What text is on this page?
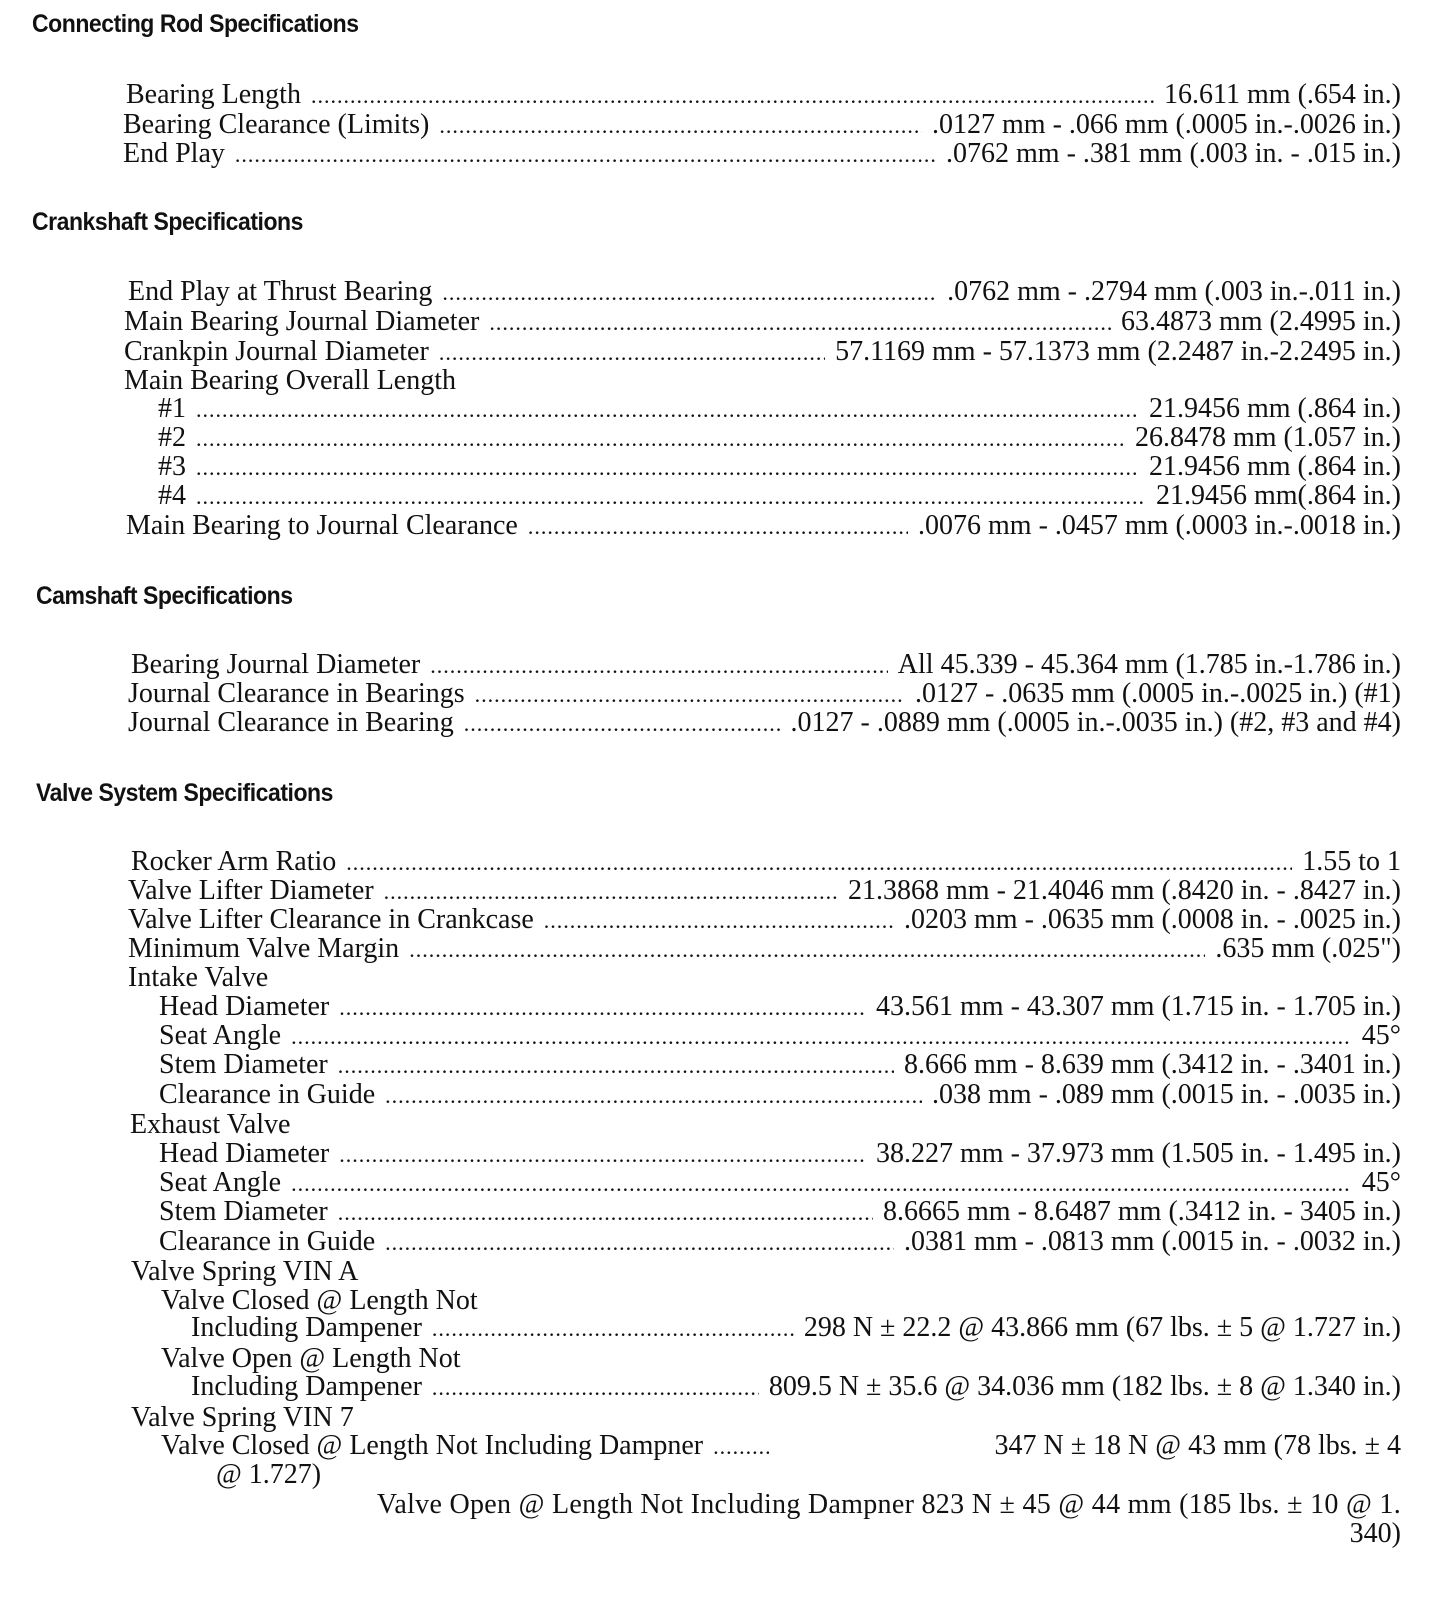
Connecting Rod Specifications
Bearing Length .....	16.611 mm (.654 in.)
Bearing Clearance (Limits) .....	.0127 mm - .066 mm (.0005 in.-.0026 in.)
End Play .....	.0762 mm - .381 mm (.003 in. - .015 in.)
Crankshaft Specifications
End Play at Thrust Bearing .....	.0762 mm - .2794 mm (.003 in.-.011 in.)
Main Bearing Journal Diameter .....	63.4873 mm (2.4995 in.)
Crankpin Journal Diameter .....	57.1169 mm - 57.1373 mm (2.2487 in.-2.2495 in.)
Main Bearing Overall Length
#1 .....	21.9456 mm (.864 in.)
#2 .....	26.8478 mm (1.057 in.)
#3 .....	21.9456 mm (.864 in.)
#4 .....	21.9456 mm(.864 in.)
Main Bearing to Journal Clearance .....	.0076 mm - .0457 mm (.0003 in.-.0018 in.)
Camshaft Specifications
Bearing Journal Diameter .....	All 45.339 - 45.364 mm (1.785 in.-1.786 in.)
Journal Clearance in Bearings .....	.0127 - .0635 mm (.0005 in.-.0025 in.) (#1)
Journal Clearance in Bearing .....	.0127 - .0889 mm (.0005 in.-.0035 in.) (#2, #3 and #4)
Valve System Specifications
Rocker Arm Ratio .....	1.55 to 1
Valve Lifter Diameter .....	21.3868 mm - 21.4046 mm (.8420 in. - .8427 in.)
Valve Lifter Clearance in Crankcase .....	.0203 mm - .0635 mm (.0008 in. - .0025 in.)
Minimum Valve Margin .....	.635 mm (.025")
Intake Valve
Head Diameter .....	43.561 mm - 43.307 mm (1.715 in. - 1.705 in.)
Seat Angle .....	45°
Stem Diameter .....	8.666 mm - 8.639 mm (.3412 in. - .3401 in.)
Clearance in Guide .....	.038 mm - .089 mm (.0015 in. - .0035 in.)
Exhaust Valve
Head Diameter .....	38.227 mm - 37.973 mm (1.505 in. - 1.495 in.)
Seat Angle .....	45°
Stem Diameter .....	8.6665 mm - 8.6487 mm (.3412 in. - 3405 in.)
Clearance in Guide .....	.0381 mm - .0813 mm (.0015 in. - .0032 in.)
Valve Spring VIN A
Valve Closed @ Length Not
Including Dampener .....	298 N ± 22.2 @ 43.866 mm (67 lbs. ± 5 @ 1.727 in.)
Valve Open @ Length Not
Including Dampener .....	809.5 N ± 35.6 @ 34.036 mm (182 lbs. ± 8 @ 1.340 in.)
Valve Spring VIN 7
Valve Closed @ Length Not Including Dampner .....	347 N ± 18 N @ 43 mm (78 lbs. ± 4
@ 1.727)
Valve Open @ Length Not Including Dampner 823 N ± 45 @ 44 mm (185 lbs. ± 10 @ 1.
340)
